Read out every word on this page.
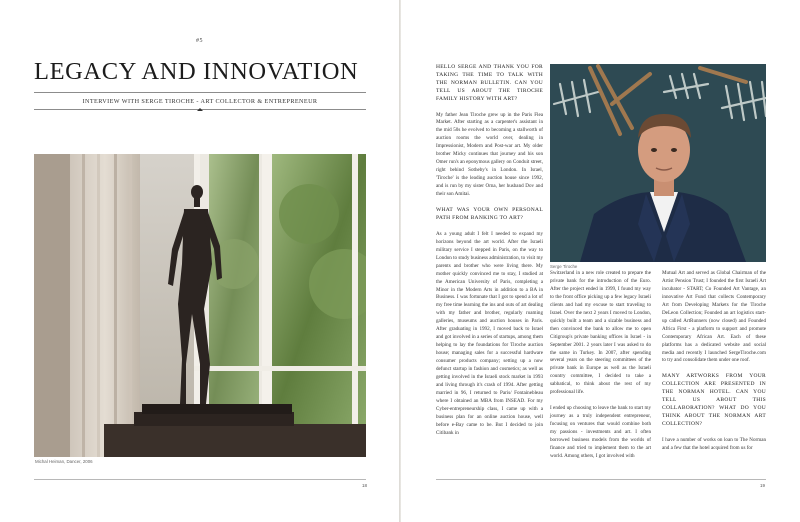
#5
LEGACY AND INNOVATION
INTERVIEW WITH SERGE TIROCHE - ART COLLECTOR & ENTREPRENEUR
Michal Heiman, Dancer, 2006
18

HELLO SERGE AND THANK YOU FOR TAKING THE TIME TO TALK WITH THE NORMAN BULLETIN. CAN YOU TELL US ABOUT THE TIROCHE FAMILY HISTORY WITH ART?

My father Jean Tiroche grew up in the Paris Flea Market. After starting as a carpenter's assistant in the mid 50s he evolved to becoming a stallworth of auction rooms the world over, dealing in Impressionist, Modern and Post-war art. My older brother Micky continues that journey and his son Omer run's an eponymous gallery on Conduit street, right behind Sotheby's in London. In Israel, 'Tiroche' is the leading auction house since 1992, and is run by my sister Orna, her husband Dov and their son Amitai.

WHAT WAS YOUR OWN PERSONAL PATH FROM BANKING TO ART?

As a young adult I felt I needed to expand my horizons beyond the art world. After the Israeli military service I stepped in Paris, on the way to London to study business administration, to visit my parents and brother who were living there. My mother quickly convinced me to stay, I studied at the American University of Paris, completing a Minor in the Modern Arts in addition to a BA in Business. I was fortunate that I got to spend a lot of my free time learning the ins and outs of art dealing with my father and brother, regularly roaming galleries, museums and auction houses in Paris. After graduating in 1992, I moved back to Israel and got involved in a series of startups, among them helping to lay the foundations for Tiroche auction house; managing sales for a successful hardware consumer products company; setting up a now defunct startup in fashion and cosmetics; as well as getting involved in the Israeli stock market in 1993 and living through it's crash of 1994. After getting married in 96, I returned to Paris/ Fontainebleau where I obtained an MBA from INSEAD. For my Cyber-entrepreneurship class, I came up with a business plan for an online auction house, well before e-Bay came to be. But I decided to join Citibank in

Serge Tiroche

Switzerland in a new role created to prepare the private bank for the introduction of the Euro. After the project ended in 1999, I found my way to the front office picking up a few legacy Israeli clients and had my excuse to start traveling to Israel. Over the next 2 years I moved to London, quickly built a team and a sizable business and then convinced the bank to allow me to open Citigroup's private banking offices in Israel - in September 2001. 2 years later I was asked to do the same in Turkey. In 2007, after spending several years on the steering committees of the private bank in Europe as well as the Israeli country committee, I decided to take a sabbatical, to think about the rest of my professional life.

I ended up choosing to leave the bank to start my journey as a truly independent entrepreneur, focusing on ventures that would combine both my passions - investments and art. I often borrowed business models from the worlds of finance and tried to implement them to the art world. Among others, I got involved with

Mutual Art and served as Global Chairman of the Artist Pension Trust; I founded the first Israeli Art incubator - START; Co Founded Art Vantage, an innovative Art Fund that collects Contemporary Art from Developing Markets for the Tiroche DeLeon Collection; Founded an art logistics start-up called ArtRunners (now closed) and Founded Africa First - a platform to support and promote Contemporary African Art. Each of these platforms has a dedicated website and social media and recently I launched SergeTiroche.com to try and consolidate them under one roof.

MANY ARTWORKS FROM YOUR COLLECTION ARE PRESENTED IN THE NORMAN HOTEL. CAN YOU TELL US ABOUT THIS COLLABORATION? WHAT DO YOU THINK ABOUT THE NORMAN ART COLLECTION?

I have a number of works on loan to The Norman and a few that the hotel acquired from us for

19
